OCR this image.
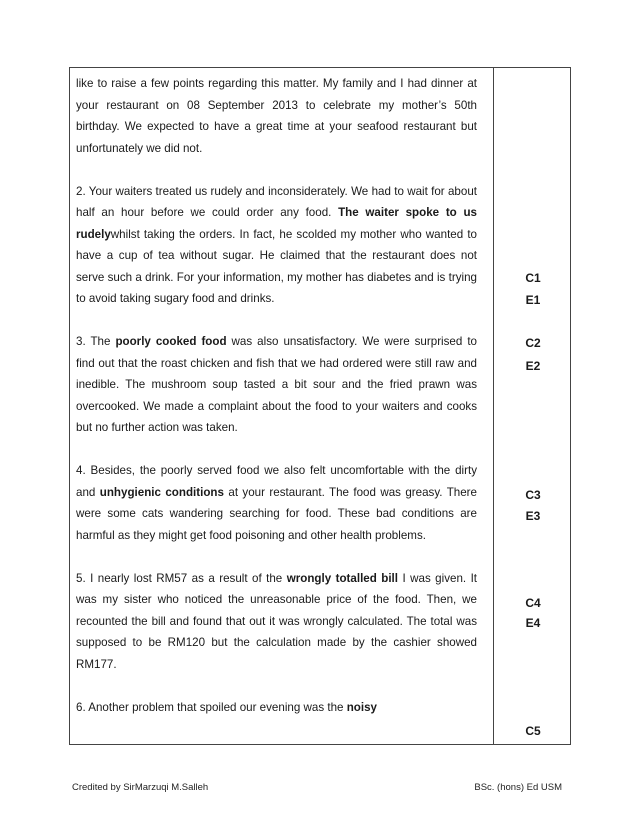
like to raise a few points regarding this matter. My family and I had dinner at your restaurant on 08 September 2013 to celebrate my mother’s 50th birthday. We expected to have a great time at your seafood restaurant but unfortunately we did not.

2. Your waiters treated us rudely and inconsiderately. We had to wait for about half an hour before we could order any food. The waiter spoke to us rudelywhilst taking the orders. In fact, he scolded my mother who wanted to have a cup of tea without sugar. He claimed that the restaurant does not serve such a drink. For your information, my mother has diabetes and is trying to avoid taking sugary food and drinks.

3. The poorly cooked food was also unsatisfactory. We were surprised to find out that the roast chicken and fish that we had ordered were still raw and inedible. The mushroom soup tasted a bit sour and the fried prawn was overcooked. We made a complaint about the food to your waiters and cooks but no further action was taken.

4. Besides, the poorly served food we also felt uncomfortable with the dirty and unhygienic conditions at your restaurant. The food was greasy. There were some cats wandering searching for food. These bad conditions are harmful as they might get food poisoning and other health problems.

5. I nearly lost RM57 as a result of the wrongly totalled bill I was given. It was my sister who noticed the unreasonable price of the food. Then, we recounted the bill and found that out it was wrongly calculated. The total was supposed to be RM120 but the calculation made by the cashier showed RM177.

6. Another problem that spoiled our evening was the noisy

C1
E1
C2
E2
C3
E3
C4
E4
C5
Credited by SirMarzuqi M.Salleh	BSc. (hons) Ed USM
